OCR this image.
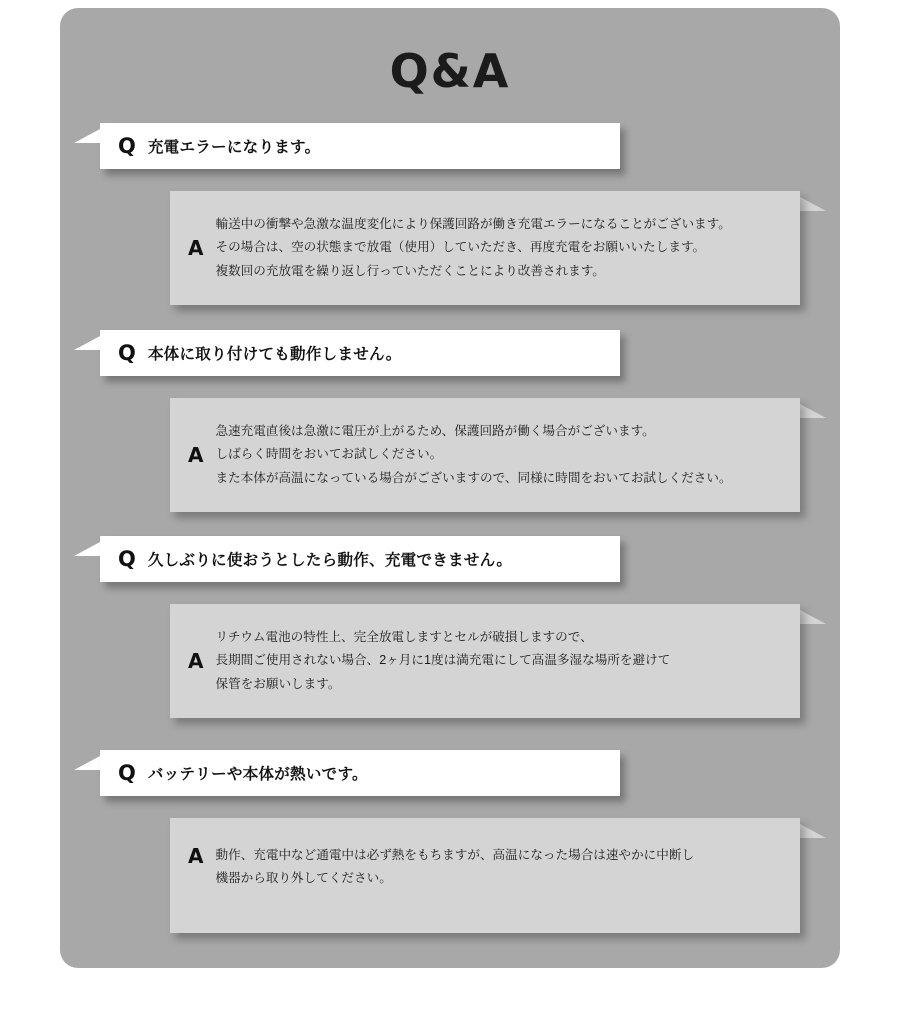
Q&A
Q 充電エラーになります。
A
輸送中の衝撃や急激な温度変化により保護回路が働き充電エラーになることがございます。
その場合は、空の状態まで放電（使用）していただき、再度充電をお願いいたします。
複数回の充放電を繰り返し行っていただくことにより改善されます。
Q 本体に取り付けても動作しません。
A
急速充電直後は急激に電圧が上がるため、保護回路が働く場合がございます。
しばらく時間をおいてお試しください。
また本体が高温になっている場合がございますので、同様に時間をおいてお試しください。
Q 久しぶりに使おうとしたら動作、充電できません。
A
リチウム電池の特性上、完全放電しますとセルが破損しますので、
長期間ご使用されない場合、2ヶ月に1度は満充電にして高温多湿な場所を避けて
保管をお願いします。
Q バッテリーや本体が熱いです。
A 動作、充電中など通電中は必ず熱をもちますが、高温になった場合は速やかに中断し
機器から取り外してください。
